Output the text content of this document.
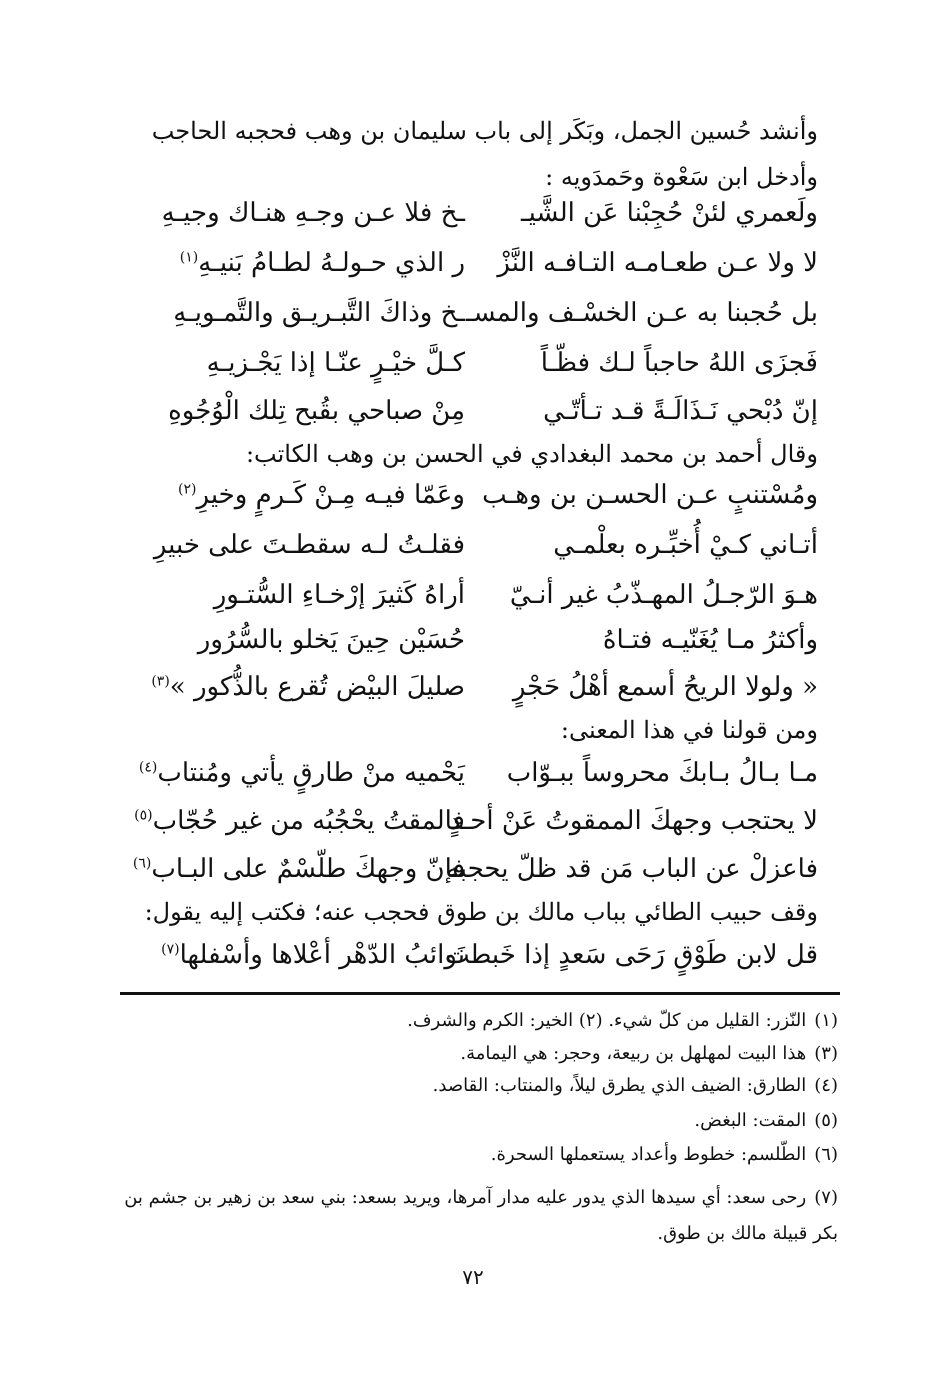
وأنشد حُسين الجمل، وبَكَر إلى باب سليمان بن وهب فحجبه الحاجب وأدخل ابن سَعْوة وحَمدَويه :
ولَعمري لئنْ حُجِبْنا عَن الشَّيـ
ـخ فلا عـن وجـهِ هنـاك وجيـهِ
لا ولا عـن طعـامـه التـافـه النَّزْ
ر الذي حـولـهُ لطـامُ بَنيـهِ$^{(١)}$
بل حُجبنا به عـن الخسْـف والمسـ
ـخ وذاكَ التَّبـريـق والتَّمـويـهِ
فَجزَى اللهُ حاجباً لـك فظّـاً
كـلَّ خيْـرٍ عنّـا إذا يَجْـزيـهِ
إنّ دُبْحي نَـذَالَـةً قـد تـأتّـي
مِنْ صباحي بقُبح تِلك الْوُجُوهِ
وقال أحمد بن محمد البغدادي في الحسن بن وهب الكاتب:
ومُسْتنبٍ عـن الحسـن بن وهـب
وعَمّا فيـه مِـنْ كَـرمٍ وخيرِ$^{(٢)}$
أتـاني كـيْ أُخبِّـره بعلْمـي
فقلـتُ لـه سقطـتَ على خبيرِ
هـوَ الرّجـلُ المهـذّبُ غير أنـيّ
أراهُ كَثيرَ إرْخـاءِ السُّتـورِ
وأكثرُ مـا يُغَنّيـه فتـاهُ
حُسَيْن حِينَ يَخلو بالسُّرُور
« ولولا الريحُ أسمع أهْلُ حَجْرٍ
صليلَ البيْض تُقرع بالذُّكور »$^{(٣)}$
ومن قولنا في هذا المعنى:
مـا بـالُ بـابكَ محروساً ببـوّاب
يَحْميه منْ طارقٍ يأتي ومُنتاب$^{(٤)}$
لا يحتجب وجهكَ الممقوتُ عَنْ أحـدٍ
فالمقتُ يحْجُبُه من غير حُجّاب$^{(٥)}$
فاعزلْ عن الباب مَن قد ظلّ يحجبه
فإنّ وجهكَ طلّسْمٌ على البـاب$^{(٦)}$
وقف حبيب الطائي بباب مالك بن طوق فحجب عنه؛ فكتب إليه يقول:
قل لابن طَوْقٍ رَحَى سَعدٍ إذا خَبطت
نَوائبُ الدّهْر أعْلاها وأسْفلها$^{(٧)}$
(١)النّزر: القليل من كلّ شيء. (٢) الخير: الكرم والشرف.
(٣)هذا البيت لمهلهل بن ربيعة، وحجر: هي اليمامة.
(٤)الطارق: الضيف الذي يطرق ليلاً، والمنتاب: القاصد.
(٥)المقت: البغض.
(٦)الطّلسم: خطوط وأعداد يستعملها السحرة.
(٧)رحى سعد: أي سيدها الذي يدور عليه مدار آمرها، ويريد بسعد: بني سعد بن زهير بن جشم بن بكر قبيلة مالك بن طوق.
٧٢
